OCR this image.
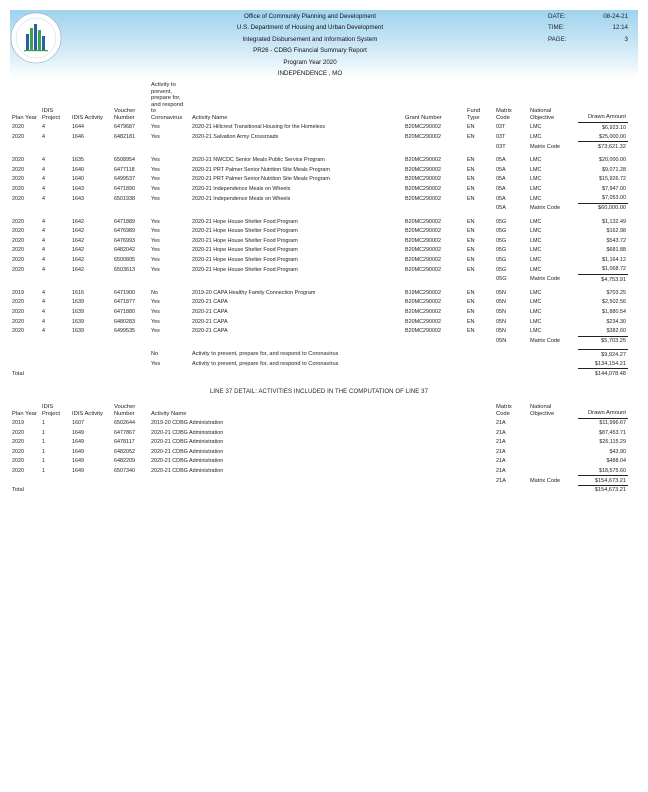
Office of Community Planning and Development
U.S. Department of Housing and Urban Development
Integrated Disbursement and Information System
PR26 - CDBG Financial Summary Report
Program Year 2020
INDEPENDENCE , MO
DATE:	08-24-21
TIME:	12:14
PAGE:	3
Plan Year	IDIS Project	IDIS Activity	Voucher Number	Activity to prevent, prepare for, and respond to Coronavirus	Activity Name	Grant Number	Fund Type	Matrix Code	National Objective	Drawn Amount
2020	4	1644	6479687	Yes	2020-21 Hillcrest Transitional Housing for the Homeless	B20MC290002	EN	03T	LMC	$6,923.10
2020	4	1646	6482181	Yes	2020-21 Salvation Army Crossroads	B20MC290002	EN	03T	LMC	$25,000.00
								03T	Matrix Code	$73,621.32

2020	4	1635	6508954	Yes	2020-21 NWCDC Senior Meals Public Service Program	B20MC290002	EN	05A	LMC	$20,000.00
2020	4	1640	6477118	Yes	2020-21 PRT Palmer Senior Nutrition Site Meals Program	B20MC290002	EN	05A	LMC	$9,071.28
2020	4	1640	6499537	Yes	2020-21 PRT Palmer Senior Nutrition Site Meals Program	B20MC290002	EN	05A	LMC	$15,926.72
2020	4	1643	6471890	Yes	2020-21 Independence Meals on Wheels	B20MC290002	EN	05A	LMC	$7,947.00
2020	4	1643	6501938	Yes	2020-21 Independence Meals on Wheels	B20MC290002	EN	05A	LMC	$7,053.00
								05A	Matrix Code	$60,000.00

2020	4	1642	6471889	Yes	2020-21 Hope House Shelter Food Program	B20MC290002	EN	05G	LMC	$1,132.49
2020	4	1642	6476989	Yes	2020-21 Hope House Shelter Food Program	B20MC290002	EN	05G	LMC	$162.98
2020	4	1642	6476993	Yes	2020-21 Hope House Shelter Food Program	B20MC290002	EN	05G	LMC	$543.72
2020	4	1642	6482042	Yes	2020-21 Hope House Shelter Food Program	B20MC290002	EN	05G	LMC	$681.88
2020	4	1642	6500805	Yes	2020-21 Hope House Shelter Food Program	B20MC290002	EN	05G	LMC	$1,164.12
2020	4	1642	6503613	Yes	2020-21 Hope House Shelter Food Program	B20MC290002	EN	05G	LMC	$1,068.72
								05G	Matrix Code	$4,753.91

2019	4	1616	6471900	No	2019-20 CAPA Healthy Family Connection Program	B19MC290002	EN	05N	LMC	$703.25
2020	4	1639	6471877	Yes	2020-21 CAPA	B20MC290002	EN	05N	LMC	$2,502.56
2020	4	1639	6471880	Yes	2020-21 CAPA	B20MC290002	EN	05N	LMC	$1,880.54
2020	4	1639	6480283	Yes	2020-21 CAPA	B20MC290002	EN	05N	LMC	$234.30
2020	4	1639	6499535	Yes	2020-21 CAPA	B20MC290002	EN	05N	LMC	$382.60
								05N	Matrix Code	$5,703.25

				No	Activity to prevent, prepare for, and respond to Coronavirus					$9,924.27
				Yes	Activity to prevent, prepare for, and respond to Coronavirus					$134,154.21
Total										$144,078.48
LINE 37 DETAIL: ACTIVITIES INCLUDED IN THE COMPUTATION OF LINE 37
Plan Year	IDIS Project	IDIS Activity	Voucher Number	Activity Name	Matrix Code	National Objective	Drawn Amount
2019	1	1607	6502644	2019-20 CDBG Administration	21A		$11,996.67
2020	1	1649	6477867	2020-21 CDBG Administration	21A		$87,453.71
2020	1	1649	6478117	2020-21 CDBG Administration	21A		$26,115.29
2020	1	1649	6482052	2020-21 CDBG Administration	21A		$43.90
2020	1	1649	6482209	2020-21 CDBG Administration	21A		$488.04
2020	1	1649	6507340	2020-21 CDBG Administration	21A		$18,575.60
					21A	Matrix Code	$154,673.21
Total							$154,673.21
